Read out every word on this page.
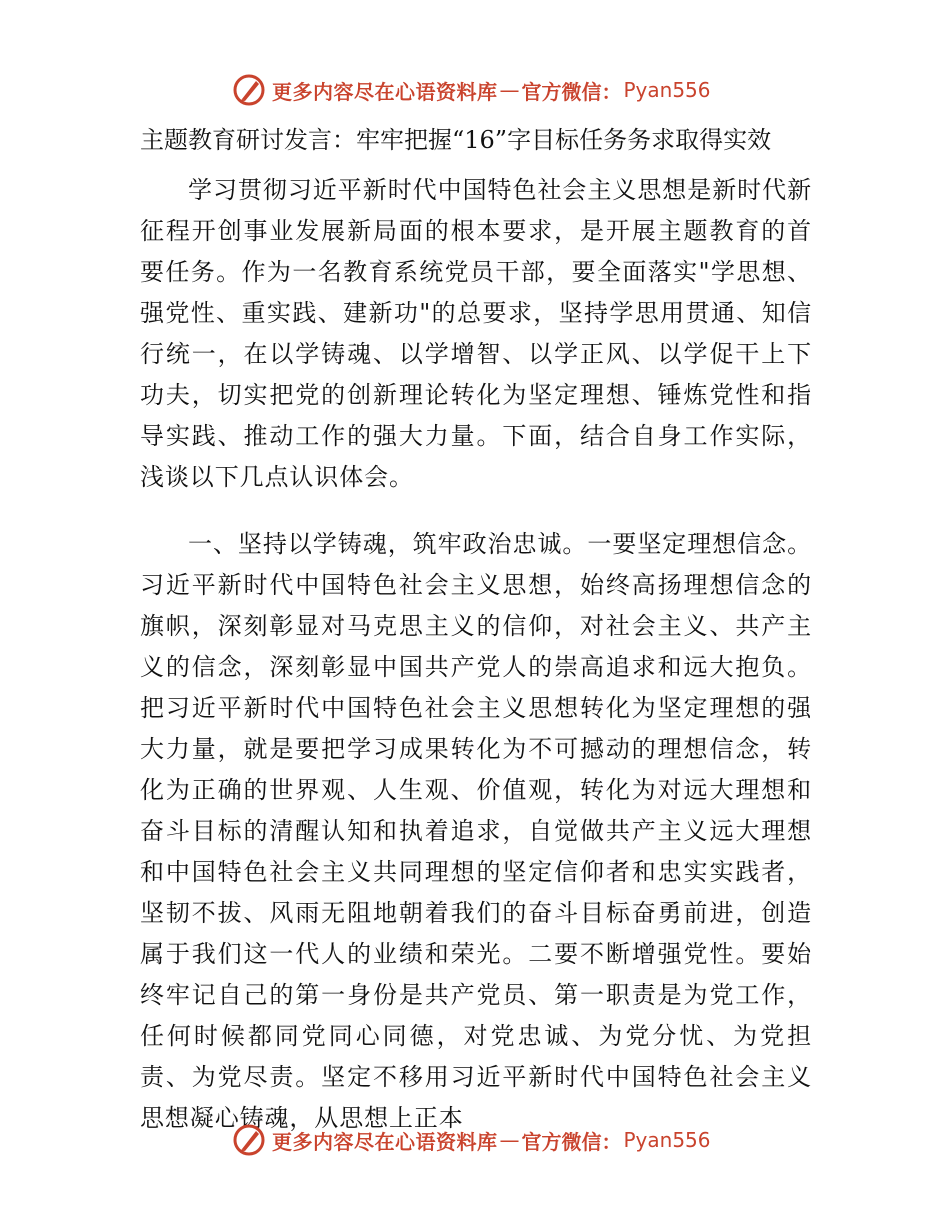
更多内容尽在心语资料库 — 官方微信： Pyan556
主题教育研讨发言：牢牢把握“16”字目标任务务求取得实效

学习贯彻习近平新时代中国特色社会主义思想是新时代新征程开创事业发展新局面的根本要求，是开展主题教育的首要任务。作为一名教育系统党员干部，要全面落实"学思想、强党性、重实践、建新功"的总要求，坚持学思用贯通、知信行统一，在以学铸魂、以学增智、以学正风、以学促干上下功夫，切实把党的创新理论转化为坚定理想、锤炼党性和指导实践、推动工作的强大力量。下面，结合自身工作实际，浅谈以下几点认识体会。

一、坚持以学铸魂，筑牢政治忠诚。一要坚定理想信念。习近平新时代中国特色社会主义思想，始终高扬理想信念的旗帜，深刻彰显对马克思主义的信仰，对社会主义、共产主义的信念，深刻彰显中国共产党人的崇高追求和远大抱负。把习近平新时代中国特色社会主义思想转化为坚定理想的强大力量，就是要把学习成果转化为不可撼动的理想信念，转化为正确的世界观、人生观、价值观，转化为对远大理想和奋斗目标的清醒认知和执着追求，自觉做共产主义远大理想和中国特色社会主义共同理想的坚定信仰者和忠实实践者，坚韧不拔、风雨无阻地朝着我们的奋斗目标奋勇前进，创造属于我们这一代人的业绩和荣光。二要不断增强党性。要始终牢记自己的第一身份是共产党员、第一职责是为党工作，任何时候都同党同心同德，对党忠诚、为党分忧、为党担责、为党尽责。坚定不移用习近平新时代中国特色社会主义思想凝心铸魂，从思想上正本

更多内容尽在心语资料库 — 官方微信： Pyan556
